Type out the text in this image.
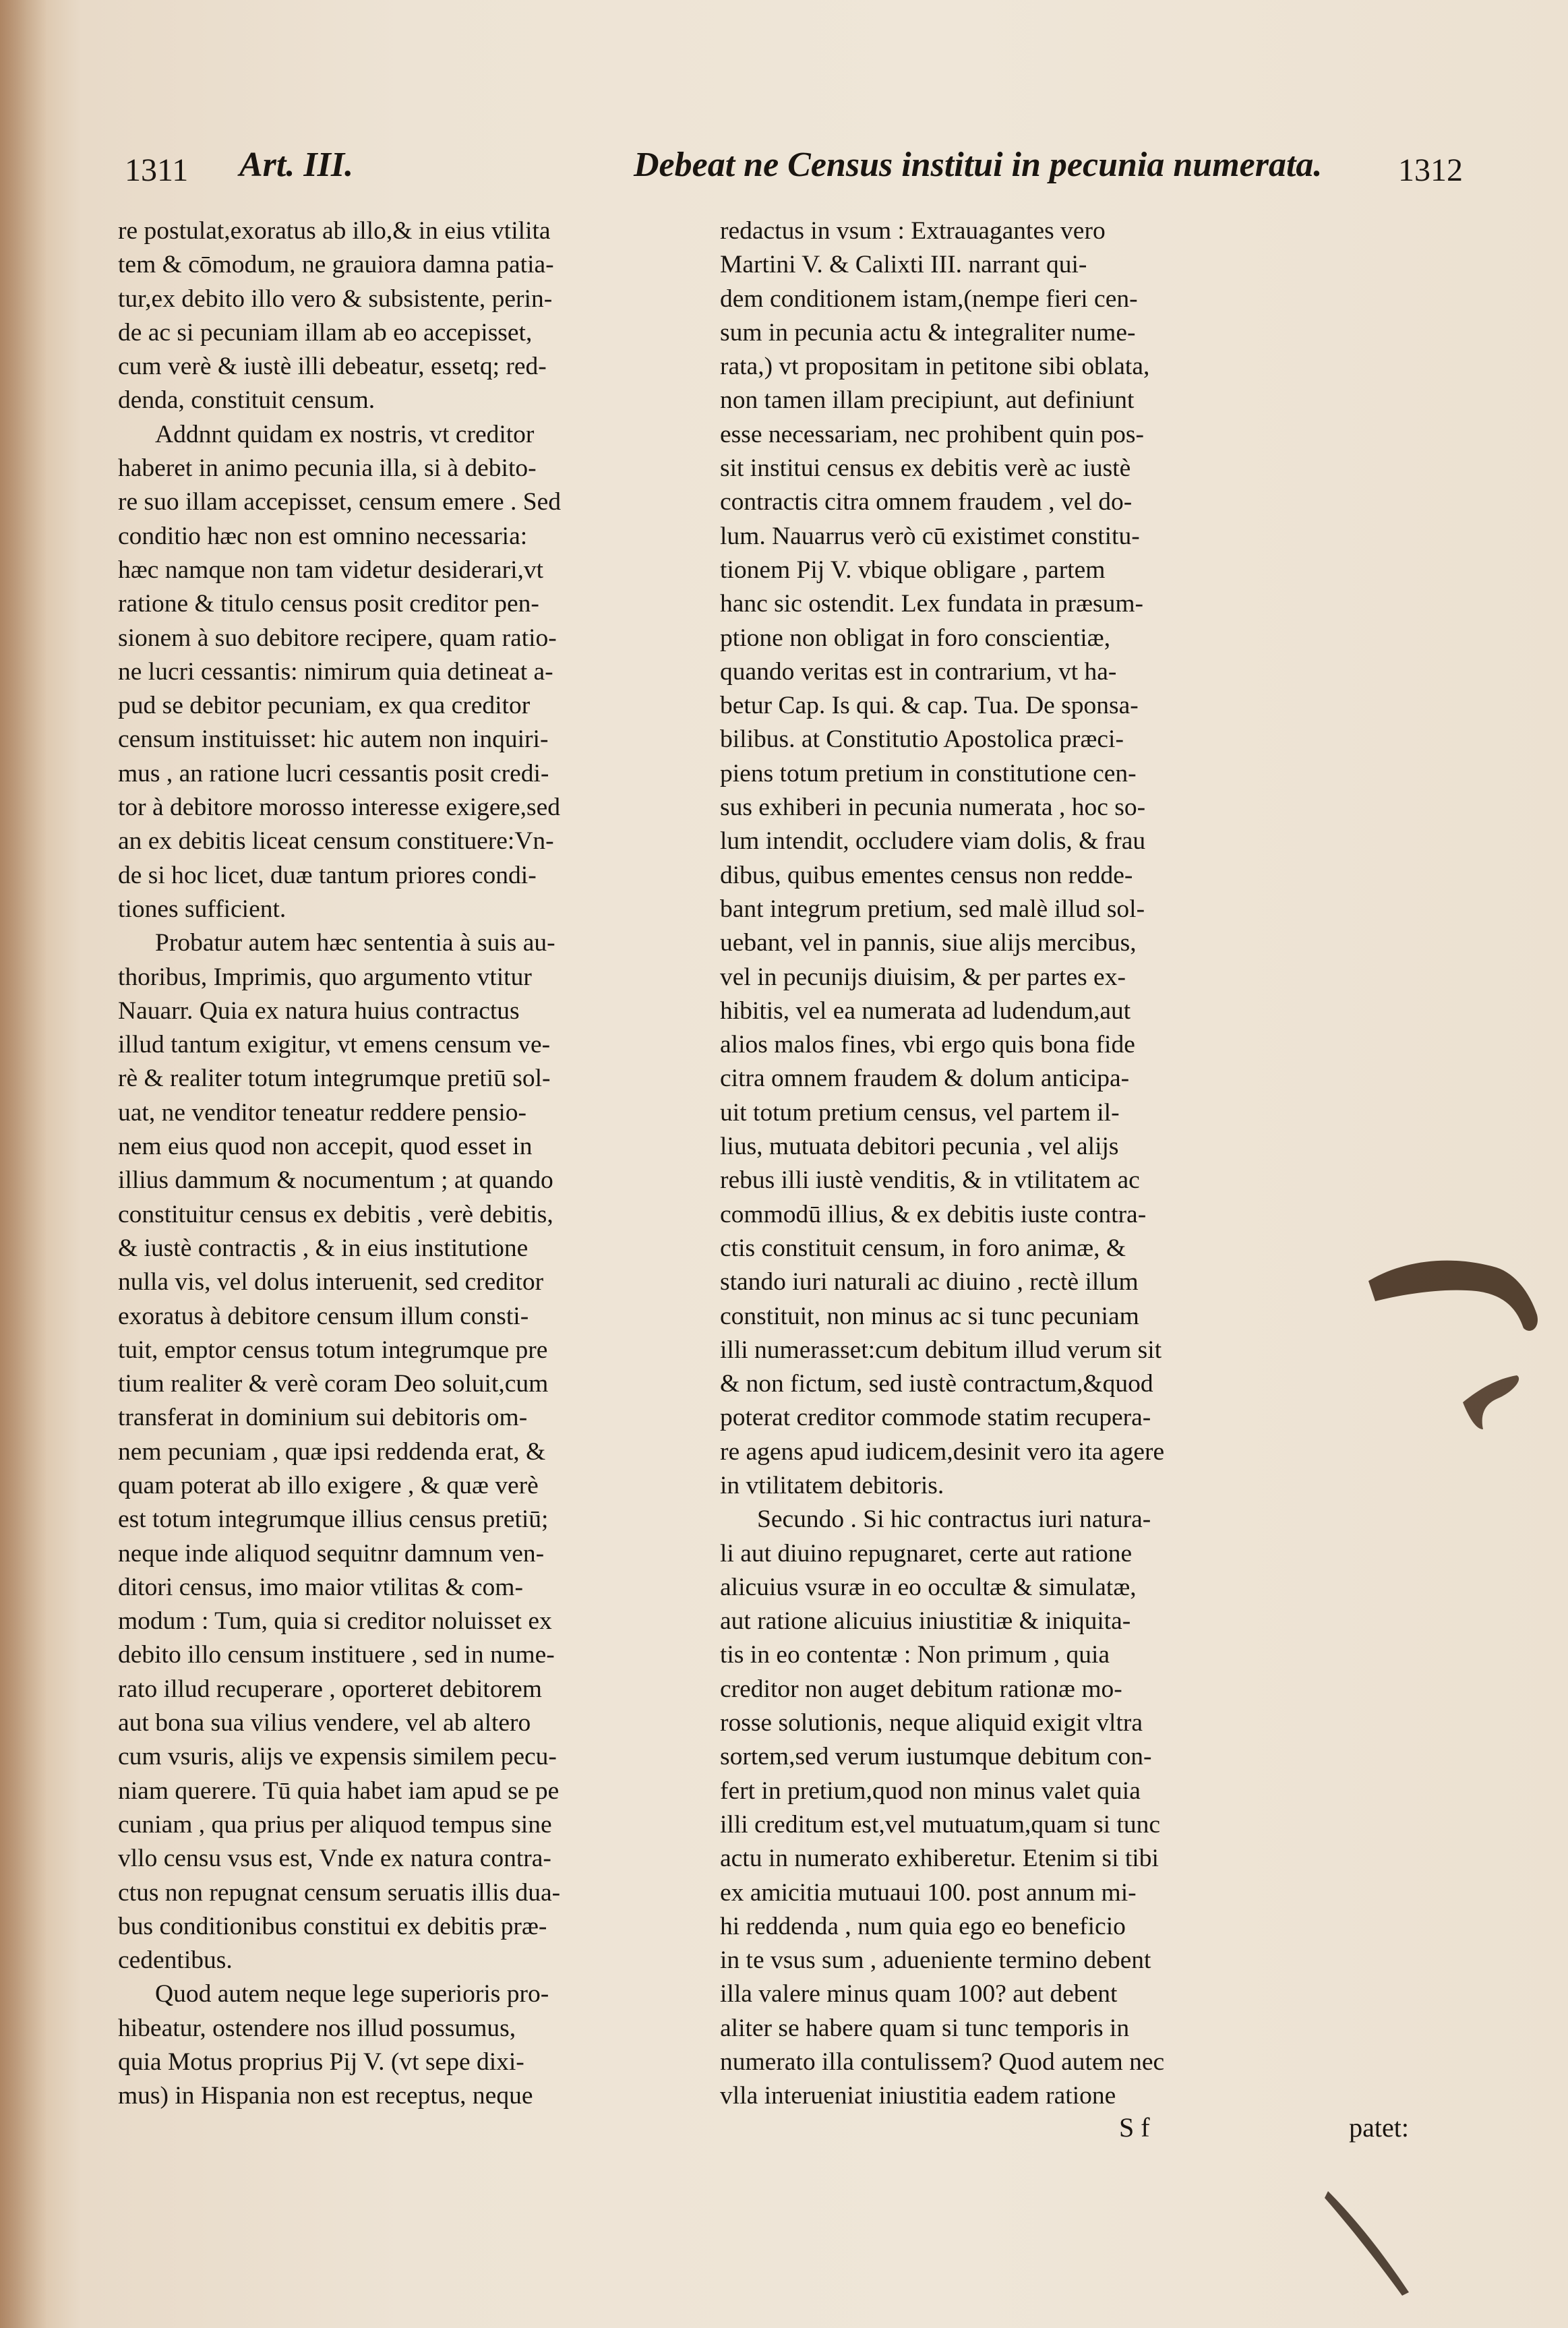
1311 Art. III.	Debeat ne Census institui in pecunia numerata. 1312

re postulat,exoratus ab illo,& in eius vtilita
tem & cōmodum, ne grauiora damna patia-
tur,ex debito illo vero & subsistente, perin-
de ac si pecuniam illam ab eo accepisset,
cum verè & iustè illi debeatur, essetq; red-
denda, constituit censum.

Addnnt quidam ex nostris, vt creditor
haberet in animo pecunia illa, si à debito-
re suo illam accepisset, censum emere . Sed
conditio hæc non est omnino necessaria:
hæc namque non tam videtur desiderari,vt
ratione & titulo census posit creditor pen-
sionem à suo debitore recipere, quam ratio-
ne lucri cessantis: nimirum quia detineat a-
pud se debitor pecuniam, ex qua creditor
censum instituisset: hic autem non inquiri-
mus , an ratione lucri cessantis posit credi-
tor à debitore morosso interesse exigere,sed
an ex debitis liceat censum constituere:Vn-
de si hoc licet, duæ tantum priores condi-
tiones sufficient.

Probatur autem hæc sententia à suis au-
thoribus, Imprimis, quo argumento vtitur
Nauarr. Quia ex natura huius contractus
illud tantum exigitur, vt emens censum ve-
rè & realiter totum integrumque pretiū sol-
uat, ne venditor teneatur reddere pensio-
nem eius quod non accepit, quod esset in
illius dammum & nocumentum ; at quando
constituitur census ex debitis , verè debitis,
& iustè contractis , & in eius institutione
nulla vis, vel dolus interuenit, sed creditor
exoratus à debitore censum illum consti-
tuit, emptor census totum integrumque pre
tium realiter & verè coram Deo soluit,cum
transferat in dominium sui debitoris om-
nem pecuniam , quæ ipsi reddenda erat, &
quam poterat ab illo exigere , & quæ verè
est totum integrumque illius census pretiū;
neque inde aliquod sequitnr damnum ven-
ditori census, imo maior vtilitas & com-
modum : Tum, quia si creditor noluisset ex
debito illo censum instituere , sed in nume-
rato illud recuperare , oporteret debitorem
aut bona sua vilius vendere, vel ab altero
cum vsuris, alijs ve expensis similem pecu-
niam querere. Tū quia habet iam apud se pe
cuniam , qua prius per aliquod tempus sine
vllo censu vsus est, Vnde ex natura contra-
ctus non repugnat censum seruatis illis dua-
bus conditionibus constitui ex debitis præ-
cedentibus.

Quod autem neque lege superioris pro-
hibeatur, ostendere nos illud possumus,
quia Motus proprius Pij V. (vt sepe dixi-
mus) in Hispania non est receptus, neque

redactus in vsum : Extrauagantes vero
Martini V. & Calixti III. narrant qui-
dem conditionem istam,(nempe fieri cen-
sum in pecunia actu & integraliter nume-
rata,) vt propositam in petitone sibi oblata,
non tamen illam precipiunt, aut definiunt
esse necessariam, nec prohibent quin pos-
sit institui census ex debitis verè ac iustè
contractis citra omnem fraudem , vel do-
lum. Nauarrus verò cū existimet constitu-
tionem Pij V. vbique obligare , partem
hanc sic ostendit. Lex fundata in præsum-
ptione non obligat in foro conscientiæ,
quando veritas est in contrarium, vt ha-
betur Cap. Is qui. & cap. Tua. De sponsa-
bilibus. at Constitutio Apostolica præci-
piens totum pretium in constitutione cen-
sus exhiberi in pecunia numerata , hoc so-
lum intendit, occludere viam dolis, & frau
dibus, quibus ementes census non redde-
bant integrum pretium, sed malè illud sol-
uebant, vel in pannis, siue alijs mercibus,
vel in pecunijs diuisim, & per partes ex-
hibitis, vel ea numerata ad ludendum,aut
alios malos fines, vbi ergo quis bona fide
citra omnem fraudem & dolum anticipa-
uit totum pretium census, vel partem il-
lius, mutuata debitori pecunia , vel alijs
rebus illi iustè venditis, & in vtilitatem ac
commodū illius, & ex debitis iuste contra-
ctis constituit censum, in foro animæ, &
stando iuri naturali ac diuino , rectè illum
constituit, non minus ac si tunc pecuniam
illi numerasset:cum debitum illud verum sit
& non fictum, sed iustè contractum,&quod
poterat creditor commode statim recupera-
re agens apud iudicem,desinit vero ita agere
in vtilitatem debitoris.

Secundo . Si hic contractus iuri natura-
li aut diuino repugnaret, certe aut ratione
alicuius vsuræ in eo occultæ & simulatæ,
aut ratione alicuius iniustitiæ & iniquita-
tis in eo contentæ : Non primum , quia
creditor non auget debitum rationæ mo-
rosse solutionis, neque aliquid exigit vltra
sortem,sed verum iustumque debitum con-
fert in pretium,quod non minus valet quia
illi creditum est,vel mutuatum,quam si tunc
actu in numerato exhiberetur. Etenim si tibi
ex amicitia mutuaui 100. post annum mi-
hi reddenda , num quia ego eo beneficio
in te vsus sum , adueniente termino debent
illa valere minus quam 100? aut debent
aliter se habere quam si tunc temporis in
numerato illa contulissem? Quod autem nec
vlla interueniat iniustitia eadem ratione

S f	patet:
